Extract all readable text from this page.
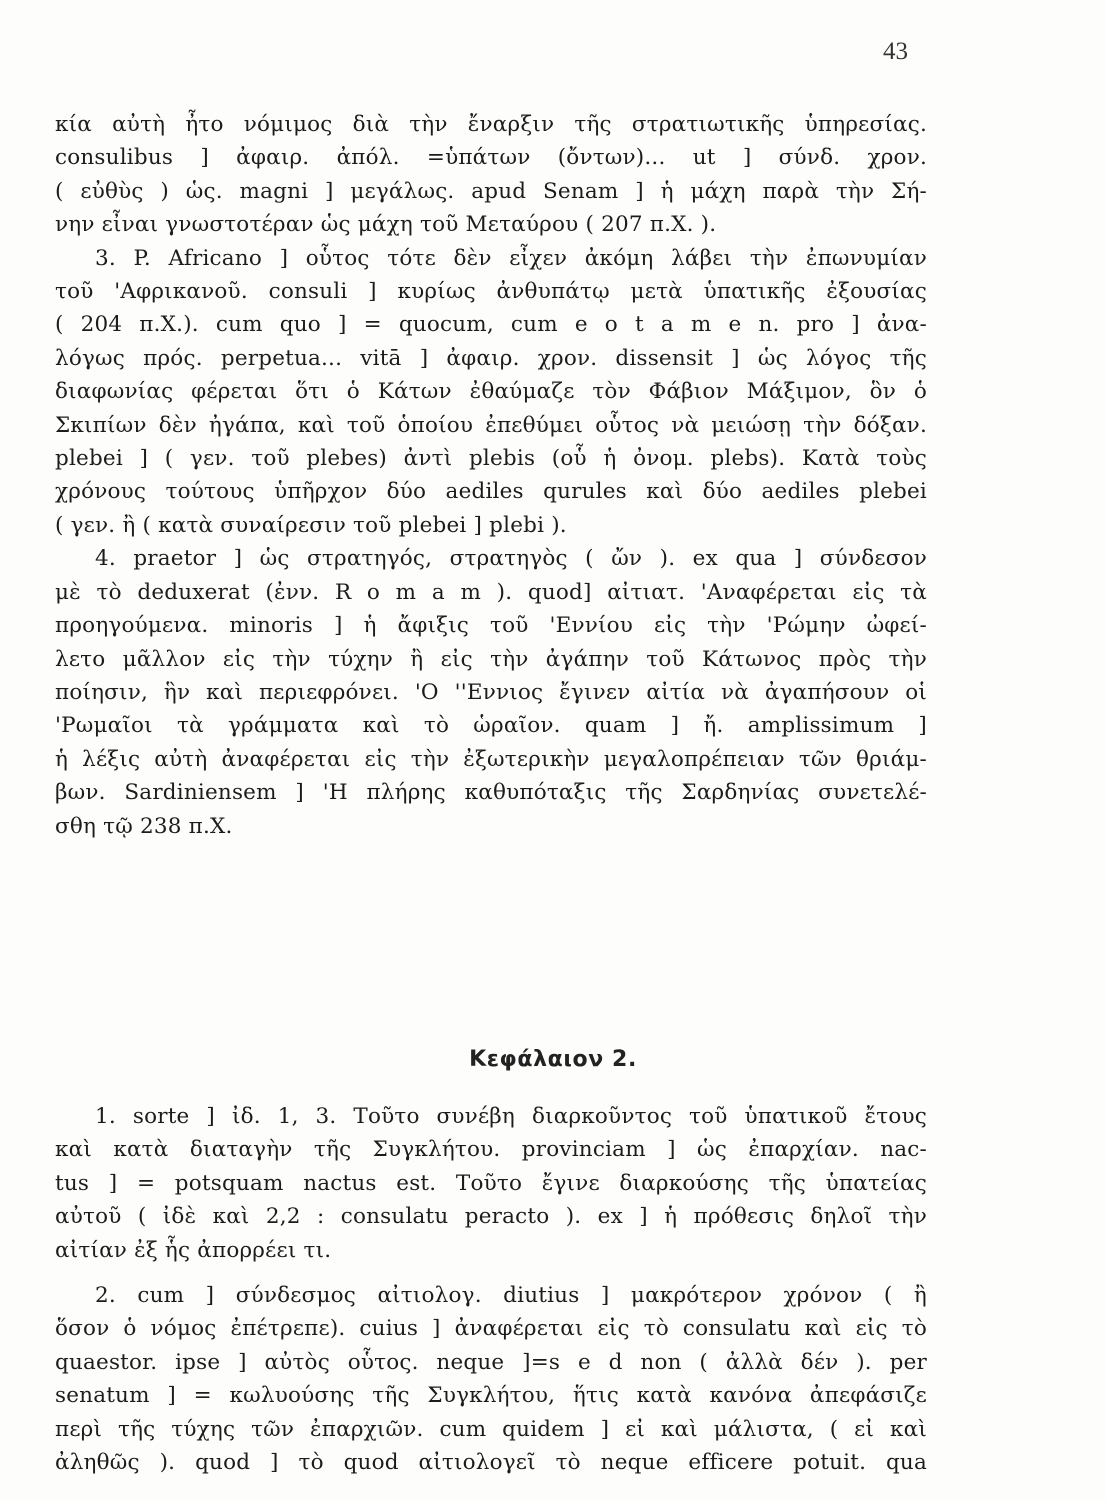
43
κία αὐτὴ ἦτο νόμιμος διὰ τὴν ἔναρξιν τῆς στρατιωτικῆς ὑπηρεσίας.
consulibus ] ἀφαιρ. ἀπόλ. =ὑπάτων (ὄντων)... ut ] σύνδ. χρον.
( εὐθὺς ) ὡς. magni ] μεγάλως. apud Senam ] ἡ μάχη παρὰ τὴν Σή-
νην εἶναι γνωστοτέραν ὡς μάχη τοῦ Μεταύρου ( 207 π.Χ. ).
3. P. Africano ] οὗτος τότε δὲν εἶχεν ἀκόμη λάβει τὴν ἐπωνυμίαν
τοῦ 'Αφρικανοῦ. consuli ] κυρίως ἀνθυπάτῳ μετὰ ὑπατικῆς ἐξουσίας
( 204 π.Χ.). cum quo ] = quocum, cum e o t a m e n. pro ] ἀνα-
λόγως πρός. perpetua... vitā ] ἀφαιρ. χρον. dissensit ] ὡς λόγος τῆς
διαφωνίας φέρεται ὅτι ὁ Κάτων ἐθαύμαζε τὸν Φάβιον Μάξιμον, ὃν ὁ
Σκιπίων δὲν ἠγάπα, καὶ τοῦ ὁποίου ἐπεθύμει οὗτος νὰ μειώσῃ τὴν δόξαν.
plebei ] ( γεν. τοῦ plebes) ἀντὶ plebis (οὗ ἡ ὀνομ. plebs). Κατὰ τοὺς
χρόνους τούτους ὑπῆρχον δύο aediles qurules καὶ δύο aediles plebei
( γεν. ἢ ( κατὰ συναίρεσιν τοῦ plebei ] plebi ).
4. praetor ] ὡς στρατηγός, στρατηγὸς ( ὤν ). ex qua ] σύνδεσον
μὲ τὸ deduxerat (ἐνν. R o m a m ). quod] αἰτιατ. 'Αναφέρεται εἰς τὰ
προηγούμενα. minoris ] ἡ ἄφιξις τοῦ 'Εννίου εἰς τὴν 'Ρώμην ὠφεί-
λετο μᾶλλον εἰς τὴν τύχην ἢ εἰς τὴν ἀγάπην τοῦ Κάτωνος πρὸς τὴν
ποίησιν, ἣν καὶ περιεφρόνει. 'Ο ''Εννιος ἔγινεν αἰτία νὰ ἀγαπήσουν οἱ
'Ρωμαῖοι τὰ γράμματα καὶ τὸ ὡραῖον. quam ] ἤ. amplissimum ]
ἡ λέξις αὐτὴ ἀναφέρεται εἰς τὴν ἐξωτερικὴν μεγαλοπρέπειαν τῶν θριάμ-
βων. Sardiniensem ] 'Η πλήρης καθυπόταξις τῆς Σαρδηνίας συνετελέ-
σθη τῷ 238 π.Χ.
Κεφάλαιον 2.
1. sorte ] ἰδ. 1, 3. Τοῦτο συνέβη διαρκοῦντος τοῦ ὑπατικοῦ ἔτους
καὶ κατὰ διαταγὴν τῆς Συγκλήτου. provinciam ] ὡς ἐπαρχίαν. nac-
tus ] = potsquam nactus est. Τοῦτο ἔγινε διαρκούσης τῆς ὑπατείας
αὐτοῦ ( ἰδὲ καὶ 2,2 : consulatu peracto ). ex ] ἡ πρόθεσις δηλοῖ τὴν
αἰτίαν ἐξ ἧς ἀπορρέει τι.
2. cum ] σύνδεσμος αἰτιολογ. diutius ] μακρότερον χρόνον ( ἢ
ὅσον ὁ νόμος ἐπέτρεπε). cuius ] ἀναφέρεται εἰς τὸ consulatu καὶ εἰς τὸ
quaestor. ipse ] αὐτὸς οὗτος. neque ]=s e d non ( ἀλλὰ δέν ). per
senatum ] = κωλυούσης τῆς Συγκλήτου, ἥτις κατὰ κανόνα ἀπεφάσιζε
περὶ τῆς τύχης τῶν ἐπαρχιῶν. cum quidem ] εἰ καὶ μάλιστα, ( εἰ καὶ
ἀληθῶς ). quod ] τὸ quod αἰτιολογεῖ τὸ neque efficere potuit. qua
